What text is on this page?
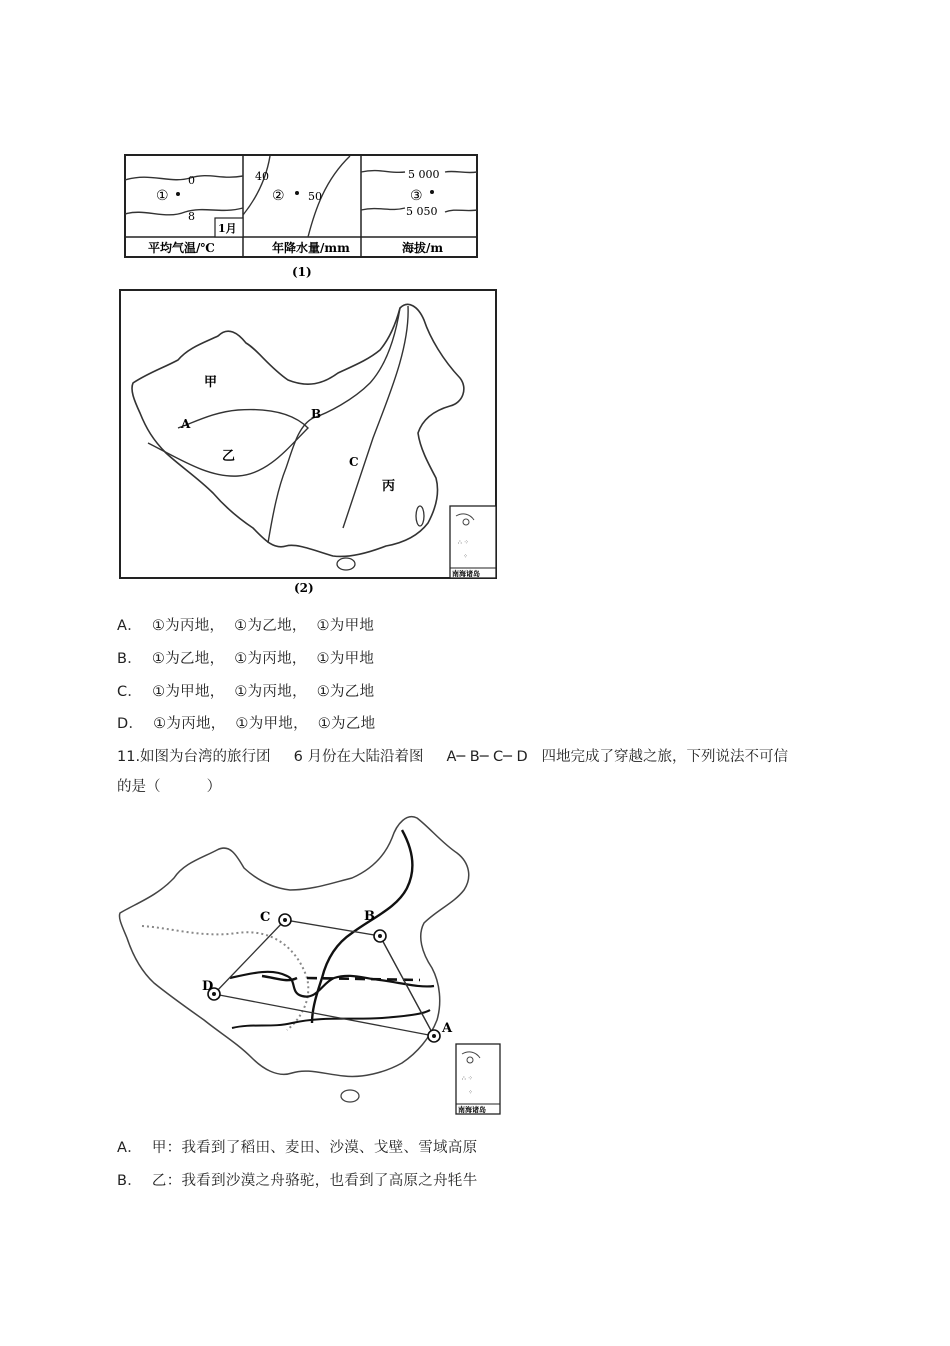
①
0
8
1月
平均气温/℃
②
40
50
年降水量/mm
5 000
③
5 050
海拔/m
(1)
甲
乙
丙
A
B
C
∴ ⁘
⁘
南海诸岛
(2)
A． ①为丙地，  ①为乙地，  ①为甲地
B． ①为乙地，  ①为丙地，  ①为甲地
C． ①为甲地，  ①为丙地，  ①为乙地
D． ①为丙地，  ①为甲地，  ①为乙地
11.如图为台湾的旅行团     6 月份在大陆沿着图     A─ B─ C─ D   四地完成了穿越之旅，下列说法不可信
的是（          ）
A
B
C
D
∴ ⁘
⁘
南海诸岛
A． 甲：我看到了稻田、麦田、沙漠、戈壁、雪域高原
B． 乙：我看到沙漠之舟骆驼，也看到了高原之舟牦牛
